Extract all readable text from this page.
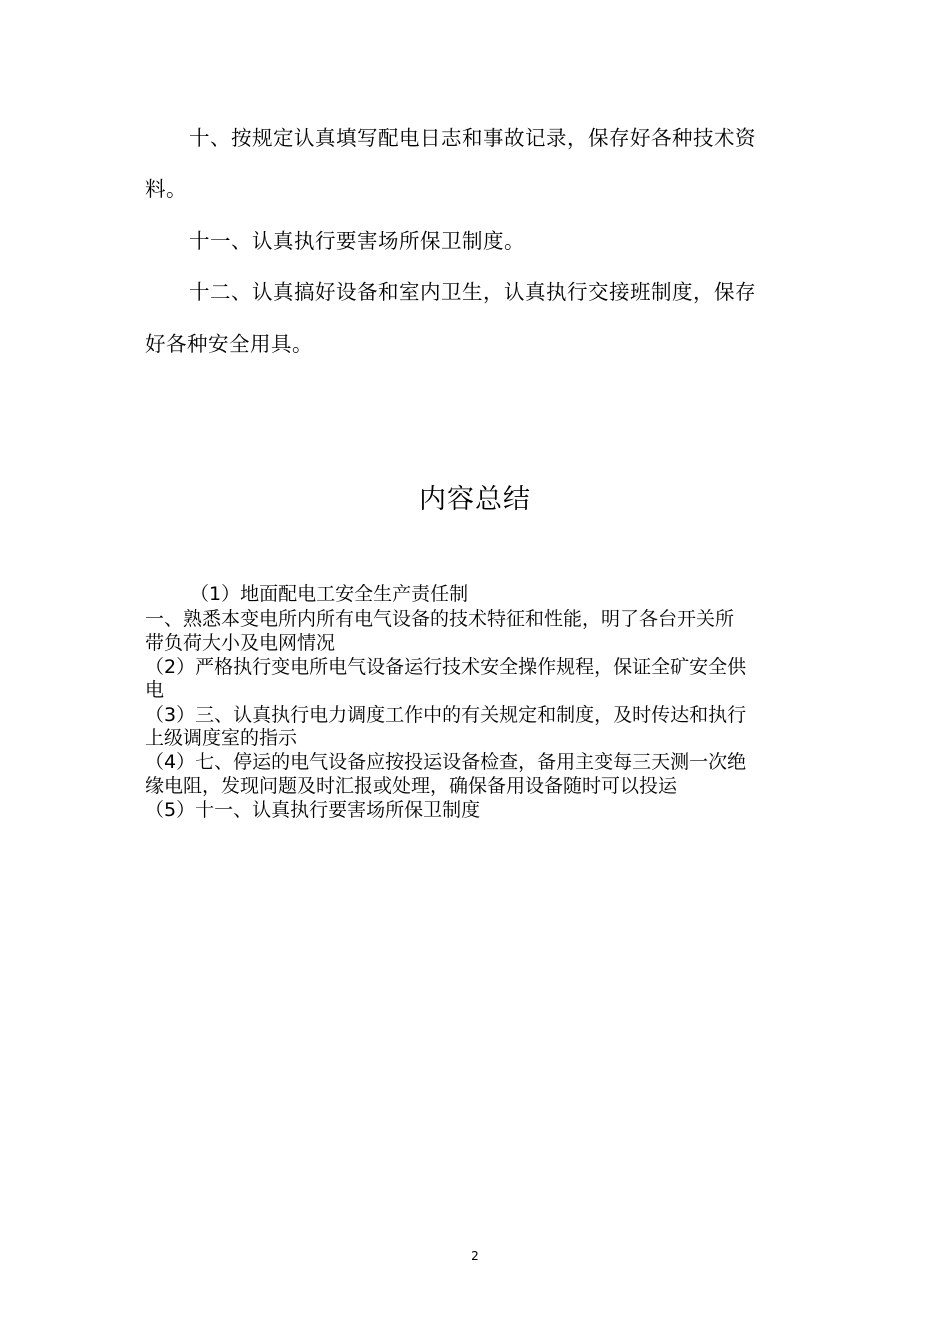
十、按规定认真填写配电日志和事故记录，保存好各种技术资
料。
十一、认真执行要害场所保卫制度。
十二、认真搞好设备和室内卫生，认真执行交接班制度，保存
好各种安全用具。
内容总结
（1）地面配电工安全生产责任制
一、熟悉本变电所内所有电气设备的技术特征和性能，明了各台开关所
带负荷大小及电网情况
（2）严格执行变电所电气设备运行技术安全操作规程，保证全矿安全供
电
（3）三、认真执行电力调度工作中的有关规定和制度，及时传达和执行
上级调度室的指示
（4）七、停运的电气设备应按投运设备检查，备用主变每三天测一次绝
缘电阻，发现问题及时汇报或处理，确保备用设备随时可以投运
（5）十一、认真执行要害场所保卫制度
2
